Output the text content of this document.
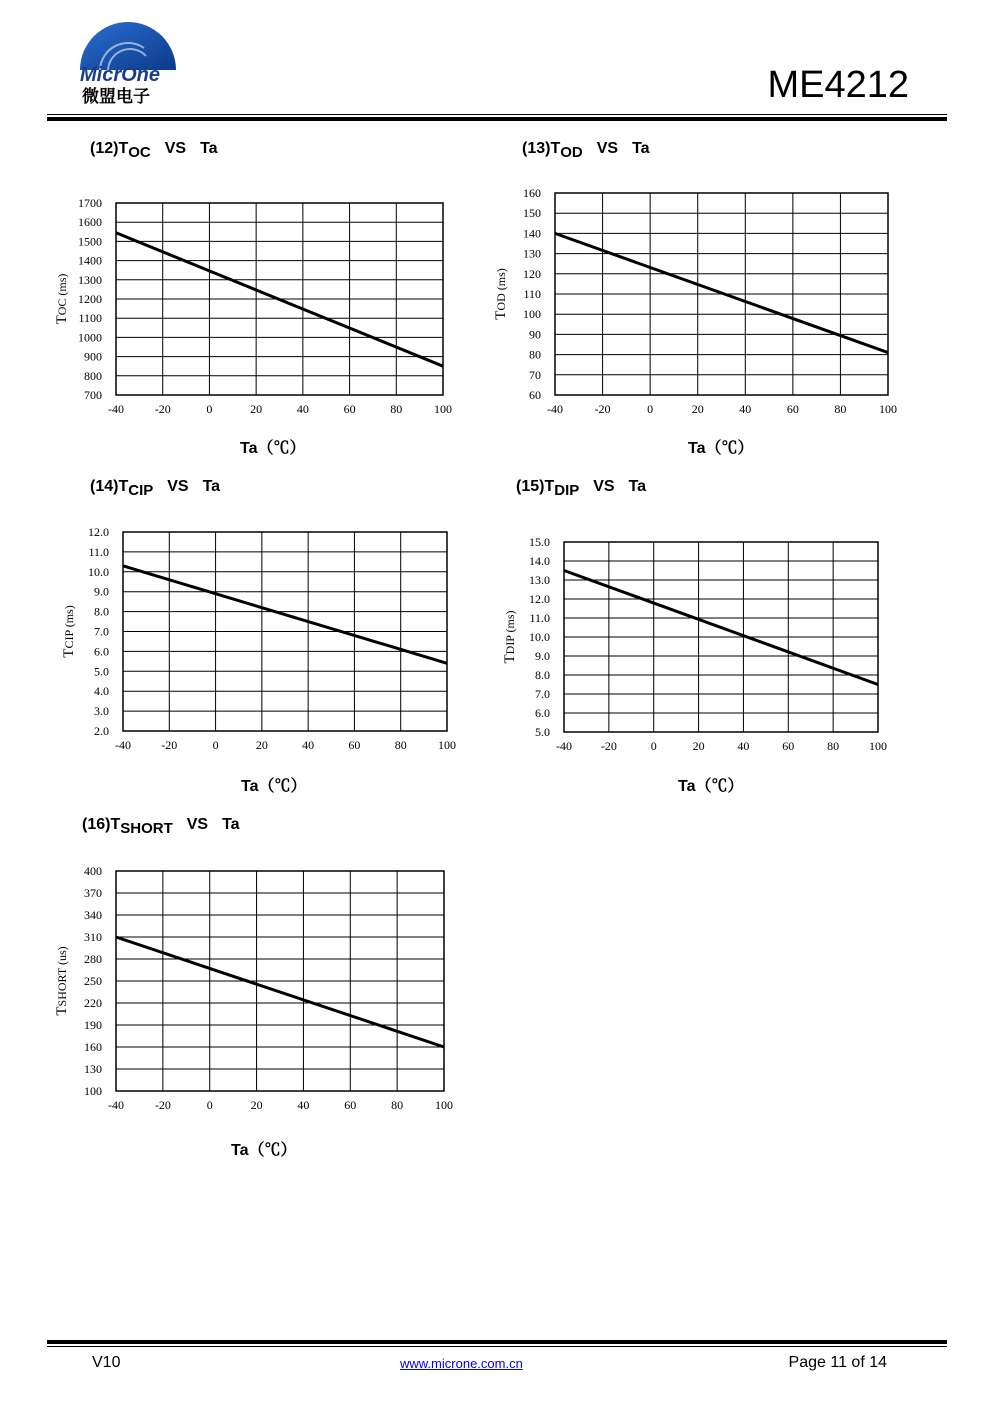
MicrOne
微盟电子	ME4212
(12)TOC VS Ta
700
800
900
1000
1100
1200
1300
1400
1500
1600
1700
-40	-20	0	20	40	60	80	100
TOC (ms)
Ta（℃）
(13)TOD VS Ta
60
70
80
90
100
110
120
130
140
150
160
-40	-20	0	20	40	60	80	100
TOD (ms)
Ta（℃）
(14)TCIP VS Ta
2.0
3.0
4.0
5.0
6.0
7.0
8.0
9.0
10.0
11.0
12.0
-40	-20	0	20	40	60	80	100
TCIP (ms)
Ta（℃）
(15)TDIP VS Ta
5.0
6.0
7.0
8.0
9.0
10.0
11.0
12.0
13.0
14.0
15.0
-40 -20	0	20	40	60	80 100
TDIP (ms)
Ta（℃）
(16)TSHORT VS Ta
100
130
160
190
220
250
280
310
340
370
400
-40	-20	0	20	40	60	80	100
TSHORT (us)
Ta（℃）
V10	www.microne.com.cn	Page 11 of 14
